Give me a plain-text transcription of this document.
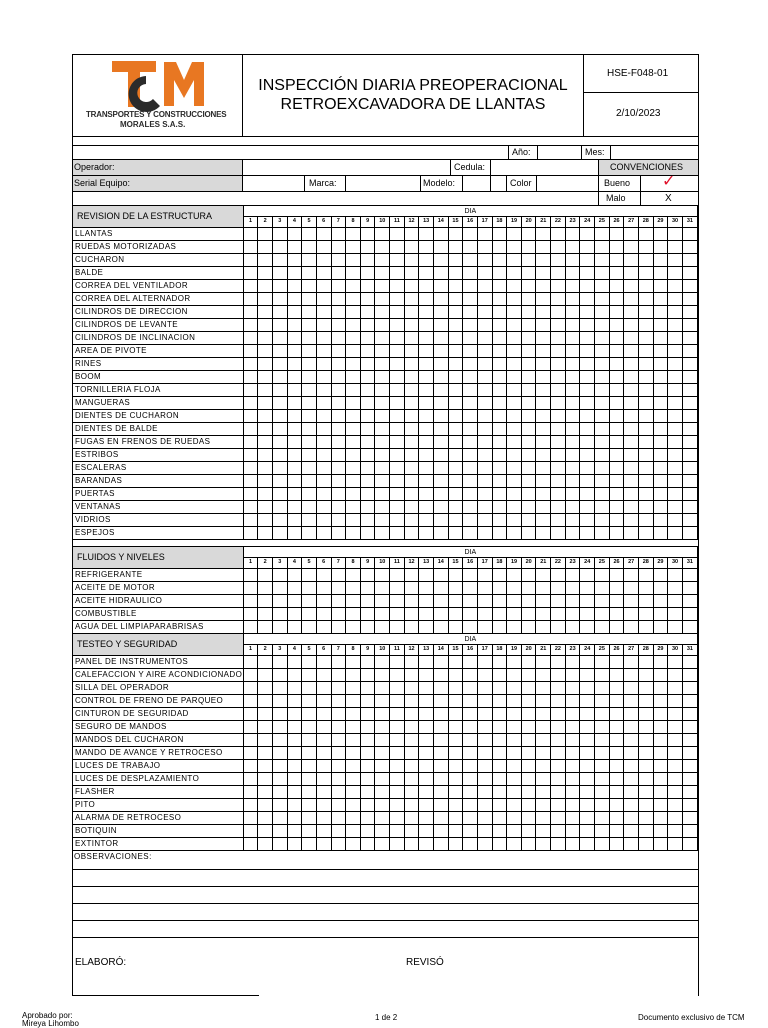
TRANSPORTES Y CONSTRUCCIONES
MORALES S.A.S.
INSPECCIÓN DIARIA PREOPERACIONAL
RETROEXCAVADORA DE LLANTAS
HSE-F048-01
2/10/2023
Año:	Mes:
Operador:	Cedula:	CONVENCIONES
Serial Equipo:	Marca:	Modelo:	Color	Bueno ✓
Malo	X
REVISION DE LA ESTRUCTURA	DIA																														
	1	2	3	4	5	6	7	8	9	10	11	12	13	14	15	16	17	18	19	20	21	22	23	24	25	26	27	28	29	30	31
LLANTAS																															
RUEDAS MOTORIZADAS																															
CUCHARON																															
BALDE																															
CORREA DEL VENTILADOR																															
CORREA DEL ALTERNADOR																															
CILINDROS DE DIRECCION																															
CILINDROS DE LEVANTE																															
CILINDROS DE INCLINACION																															
AREA DE PIVOTE																															
RINES																															
BOOM																															
TORNILLERIA FLOJA																															
MANGUERAS																															
DIENTES DE CUCHARON																															
DIENTES DE BALDE																															
FUGAS EN FRENOS DE RUEDAS																															
ESTRIBOS																															
ESCALERAS																															
BARANDAS																															
PUERTAS																															
VENTANAS																															
VIDRIOS																															
ESPEJOS																															
FLUIDOS Y NIVELES	DIA																														
	1	2	3	4	5	6	7	8	9	10	11	12	13	14	15	16	17	18	19	20	21	22	23	24	25	26	27	28	29	30	31
REFRIGERANTE																															
ACEITE DE MOTOR																															
ACEITE HIDRAULICO																															
COMBUSTIBLE																															
AGUA DEL LIMPIAPARABRISAS																															
TESTEO Y SEGURIDAD	DIA																														
	1	2	3	4	5	6	7	8	9	10	11	12	13	14	15	16	17	18	19	20	21	22	23	24	25	26	27	28	29	30	31
PANEL DE INSTRUMENTOS																															
CALEFACCION Y AIRE ACONDICIONADO																															
SILLA DEL OPERADOR																															
CONTROL DE FRENO DE PARQUEO																															
CINTURON DE SEGURIDAD																															
SEGURO DE MANDOS																															
MANDOS DEL CUCHARON																															
MANDO DE AVANCE Y RETROCESO																															
LUCES DE TRABAJO																															
LUCES DE DESPLAZAMIENTO																															
FLASHER																															
PITO																															
ALARMA DE RETROCESO																															
BOTIQUIN																															
EXTINTOR																															
OBSERVACIONES:
ELABORÓ:	REVISÓ
Aprobado por:
Mireya Lihombo
1 de 2	Documento exclusivo de TCM
